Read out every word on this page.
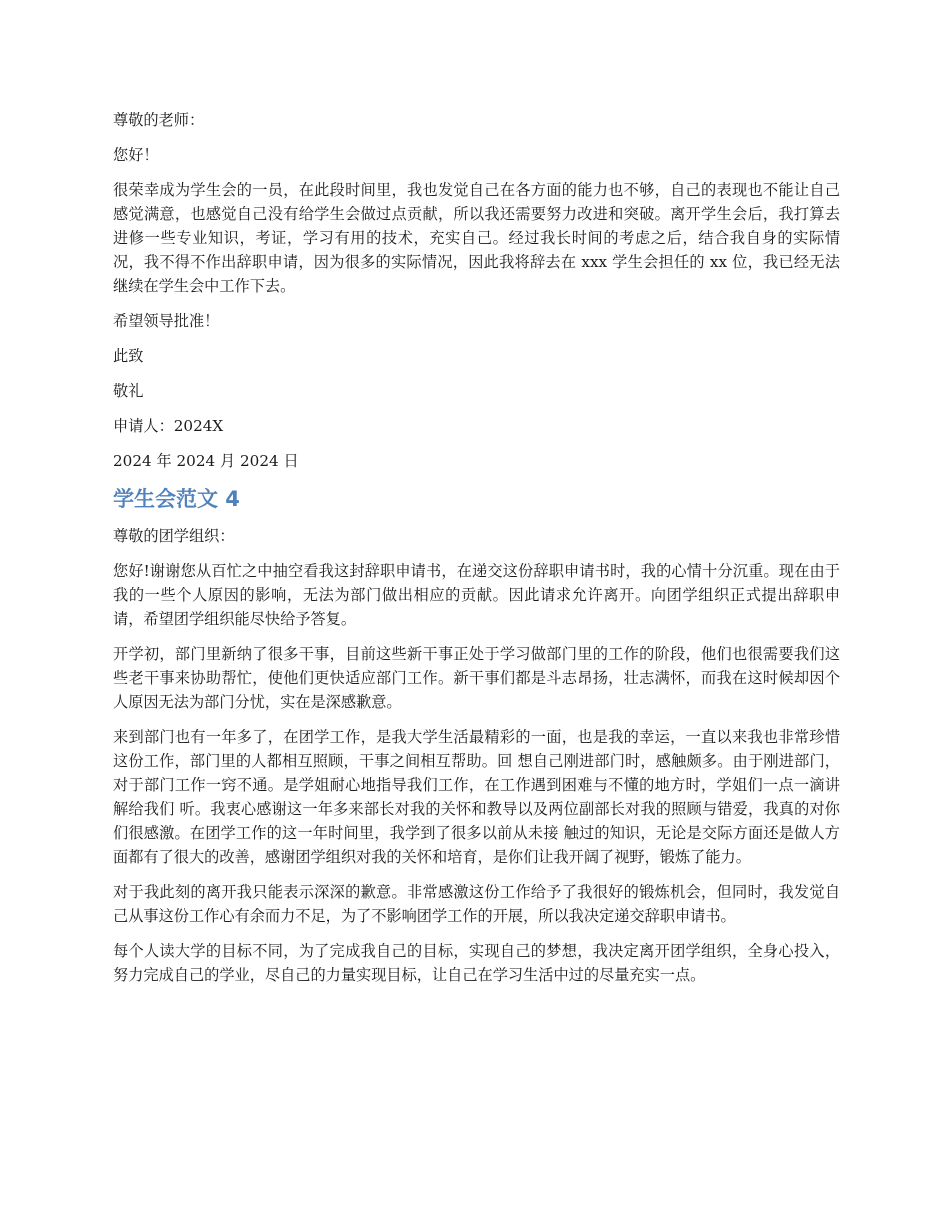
尊敬的老师：

您好！

很荣幸成为学生会的一员，在此段时间里，我也发觉自己在各方面的能力也不够，自己的表现也不能让自己感觉满意，也感觉自己没有给学生会做过点贡献，所以我还需要努力改进和突破。离开学生会后，我打算去进修一些专业知识，考证，学习有用的技术，充实自己。经过我长时间的考虑之后，结合我自身的实际情况，我不得不作出辞职申请，因为很多的实际情况，因此我将辞去在 xxx 学生会担任的 xx 位，我已经无法继续在学生会中工作下去。

希望领导批准！

此致

敬礼

申请人：2024X

2024 年 2024 月 2024 日

学生会范文 4

尊敬的团学组织：

您好!谢谢您从百忙之中抽空看我这封辞职申请书，在递交这份辞职申请书时，我的心情十分沉重。现在由于我的一些个人原因的影响，无法为部门做出相应的贡献。因此请求允许离开。向团学组织正式提出辞职申请，希望团学组织能尽快给予答复。

开学初，部门里新纳了很多干事，目前这些新干事正处于学习做部门里的工作的阶段，他们也很需要我们这些老干事来协助帮忙，使他们更快适应部门工作。新干事们都是斗志昂扬，壮志满怀，而我在这时候却因个人原因无法为部门分忧，实在是深感歉意。

来到部门也有一年多了，在团学工作，是我大学生活最精彩的一面，也是我的幸运，一直以来我也非常珍惜这份工作，部门里的人都相互照顾，干事之间相互帮助。回 想自己刚进部门时，感触颇多。由于刚进部门，对于部门工作一窍不通。是学姐耐心地指导我们工作，在工作遇到困难与不懂的地方时，学姐们一点一滴讲解给我们 听。我衷心感谢这一年多来部长对我的关怀和教导以及两位副部长对我的照顾与错爱，我真的对你们很感激。在团学工作的这一年时间里，我学到了很多以前从未接 触过的知识，无论是交际方面还是做人方面都有了很大的改善，感谢团学组织对我的关怀和培育，是你们让我开阔了视野，锻炼了能力。

对于我此刻的离开我只能表示深深的歉意。非常感激这份工作给予了我很好的锻炼机会，但同时，我发觉自己从事这份工作心有余而力不足，为了不影响团学工作的开展，所以我决定递交辞职申请书。

每个人读大学的目标不同，为了完成我自己的目标，实现自己的梦想，我决定离开团学组织，全身心投入，努力完成自己的学业，尽自己的力量实现目标，让自己在学习生活中过的尽量充实一点。
